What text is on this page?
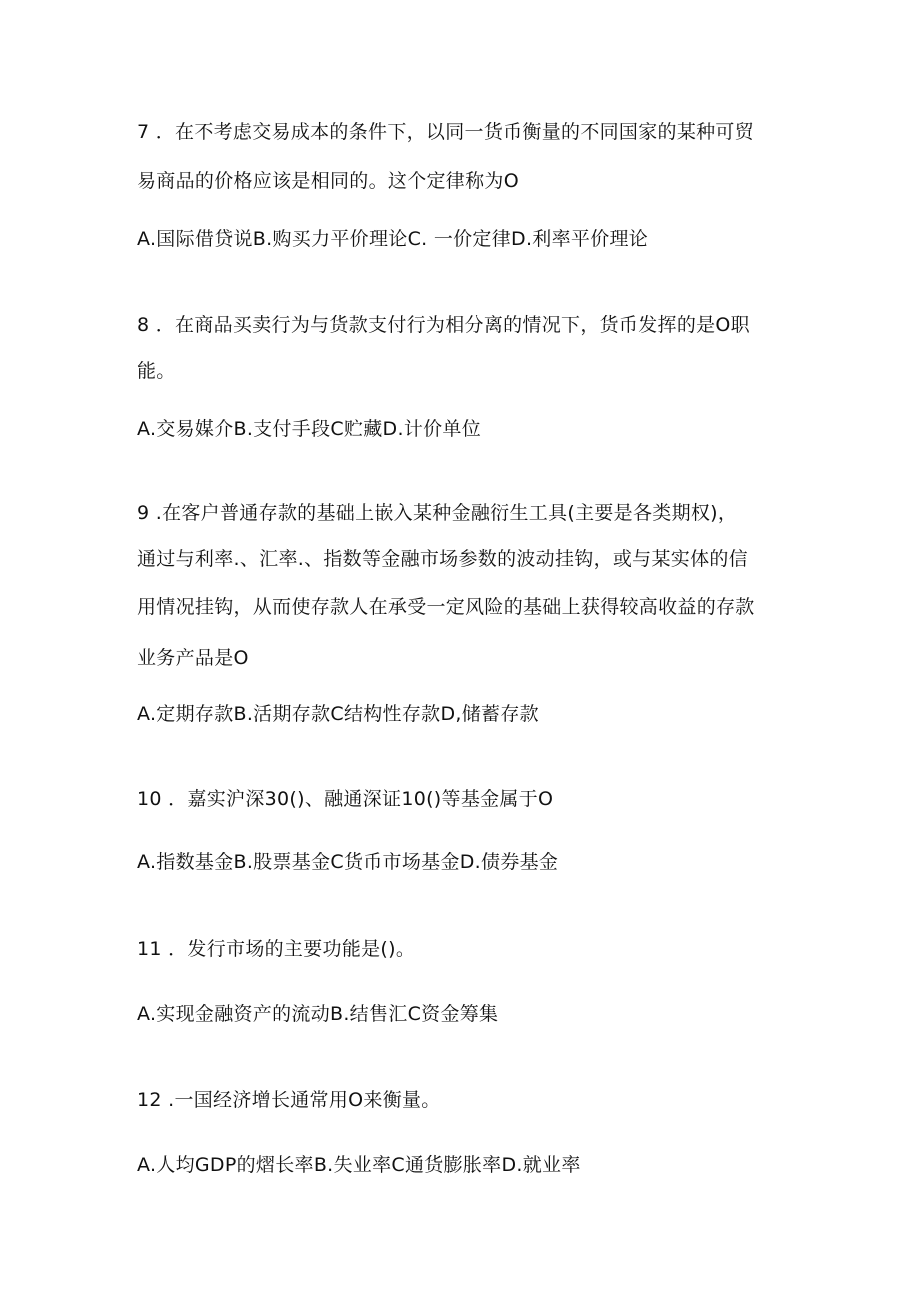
7 ．在不考虑交易成本的条件下，以同一货币衡量的不同国家的某种可贸
易商品的价格应该是相同的。这个定律称为O
A.国际借贷说B.购买力平价理论C. 一价定律D.利率平价理论
8 ．在商品买卖行为与货款支付行为相分离的情况下，货币发挥的是O职
能。
A.交易媒介B.支付手段C贮藏D.计价单位
9 .在客户普通存款的基础上嵌入某种金融衍生工具(主要是各类期权)，
通过与利率.、汇率.、指数等金融市场参数的波动挂钩，或与某实体的信
用情况挂钩，从而使存款人在承受一定风险的基础上获得较高收益的存款
业务产品是O
A.定期存款B.活期存款C结构性存款D,储蓄存款
10 ．嘉实沪深30()、融通深证10()等基金属于O
A.指数基金B.股票基金C货币市场基金D.债券基金
11 ．发行市场的主要功能是()。
A.实现金融资产的流动B.结售汇C资金筹集
12 .一国经济增长通常用O来衡量。
A.人均GDP的熠长率B.失业率C通货膨胀率D.就业率
